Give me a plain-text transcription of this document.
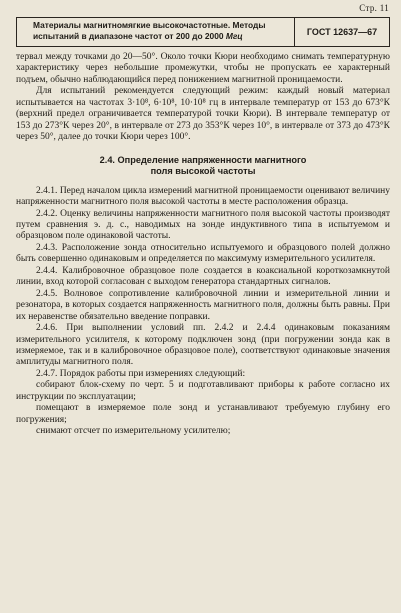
Стр. 11
Материалы магнитномягкие высокочастотные. Методы
испытаний в диапазоне частот от 200 до 2000 Мгц	ГОСТ 12637—67

тервал между точками до 20—50°. Около точки Кюри необходимо снимать температурную характеристику через небольшие промежутки, чтобы не пропускать ее характерный подъем, обычно наблюдающийся перед понижением магнитной проницаемости.

Для испытаний рекомендуется следующий режим: каждый новый материал испытывается на частотах 3·10⁸, 6·10⁸, 10·10⁸ гц в интервале температур от 153 до 673°К (верхний предел ограничивается температурой точки Кюри). В интервале температур от 153 до 273°К через 20°, в интервале от 273 до 353°К через 10°, в интервале от 373 до 473°К через 50°, далее до точки Кюри через 100°.

2.4. Определение напряженности магнитного
поля высокой частоты

2.4.1. Перед началом цикла измерений магнитной проницаемости оценивают величину напряженности магнитного поля высокой частоты в месте расположения образца.

2.4.2. Оценку величины напряженности магнитного поля высокой частоты производят путем сравнения э. д. с., наводимых на зонде индуктивного типа в испытуемом и образцовом поле одинаковой частоты.

2.4.3. Расположение зонда относительно испытуемого и образцового полей должно быть совершенно одинаковым и определяется по максимуму измерительного усилителя.

2.4.4. Калибровочное образцовое поле создается в коаксиальной короткозамкнутой линии, вход которой согласован с выходом генератора стандартных сигналов.

2.4.5. Волновое сопротивление калибровочной линии и измерительной линии и резонатора, в которых создается напряженность магнитного поля, должны быть равны. При их неравенстве обязательно введение поправки.

2.4.6. При выполнении условий пп. 2.4.2 и 2.4.4 одинаковым показаниям измерительного усилителя, к которому подключен зонд (при погружении зонда как в измеряемое, так и в калибровочное образцовое поле), соответствуют одинаковые значения амплитуды магнитного поля.

2.4.7. Порядок работы при измерениях следующий:

собирают блок-схему по черт. 5 и подготавливают приборы к работе согласно их инструкции по эксплуатации;

помещают в измеряемое поле зонд и устанавливают требуемую глубину его погружения;

снимают отсчет по измерительному усилителю;
